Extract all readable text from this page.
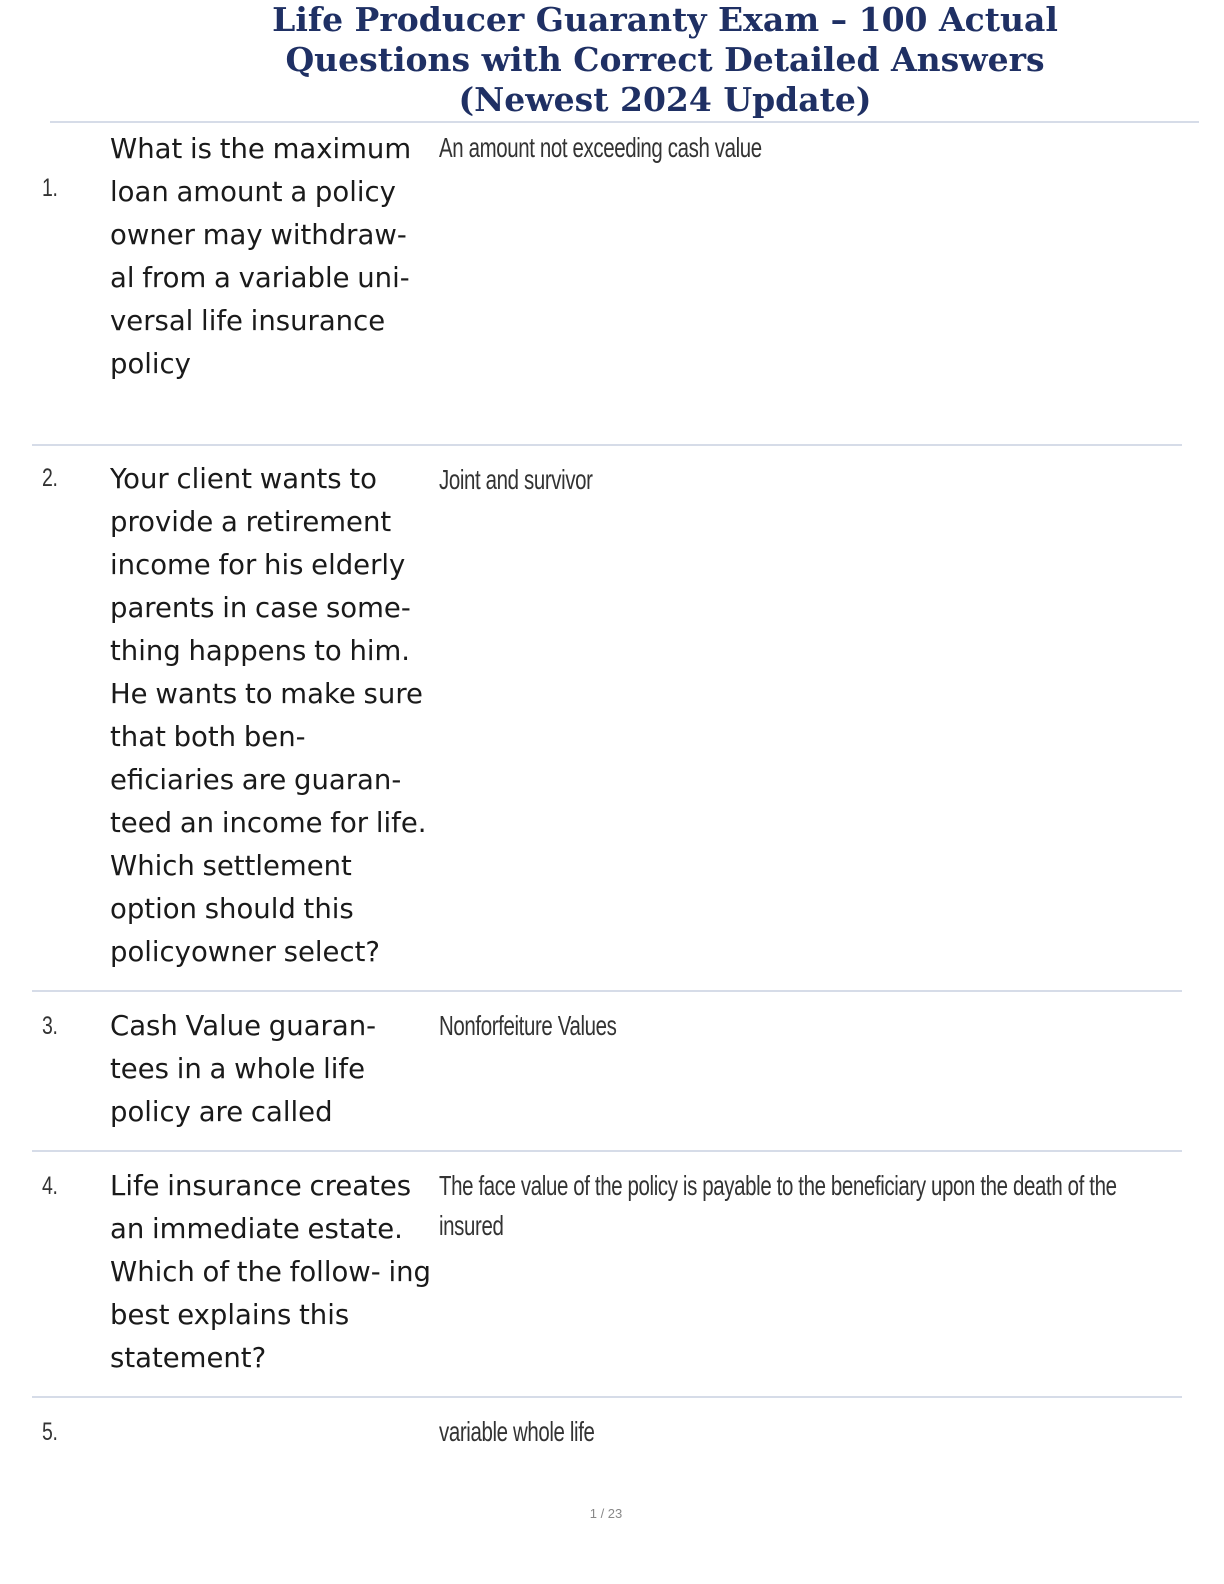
Life Producer Guaranty Exam – 100 Actual
Questions with Correct Detailed Answers
(Newest 2024 Update)
1.
What is the maximum loan amount a policy owner may withdraw- al from a variable uni- versal life insurance policy
An amount not exceeding cash value
2. Your client wants to provide a retirement income for his elderly parents in case some- thing happens to him. He wants to make sure that both ben- eficiaries are guaran- teed an income for life. Which settlement option should this policyowner select?
Joint and survivor
3. Cash Value guaran- tees in a whole life policy are called
Nonforfeiture Values
4. Life insurance creates an immediate estate. Which of the follow- ing best explains this statement?
The face value of the policy is payable to the beneficiary upon the death of the insured
5.	variable whole life
1 / 23
